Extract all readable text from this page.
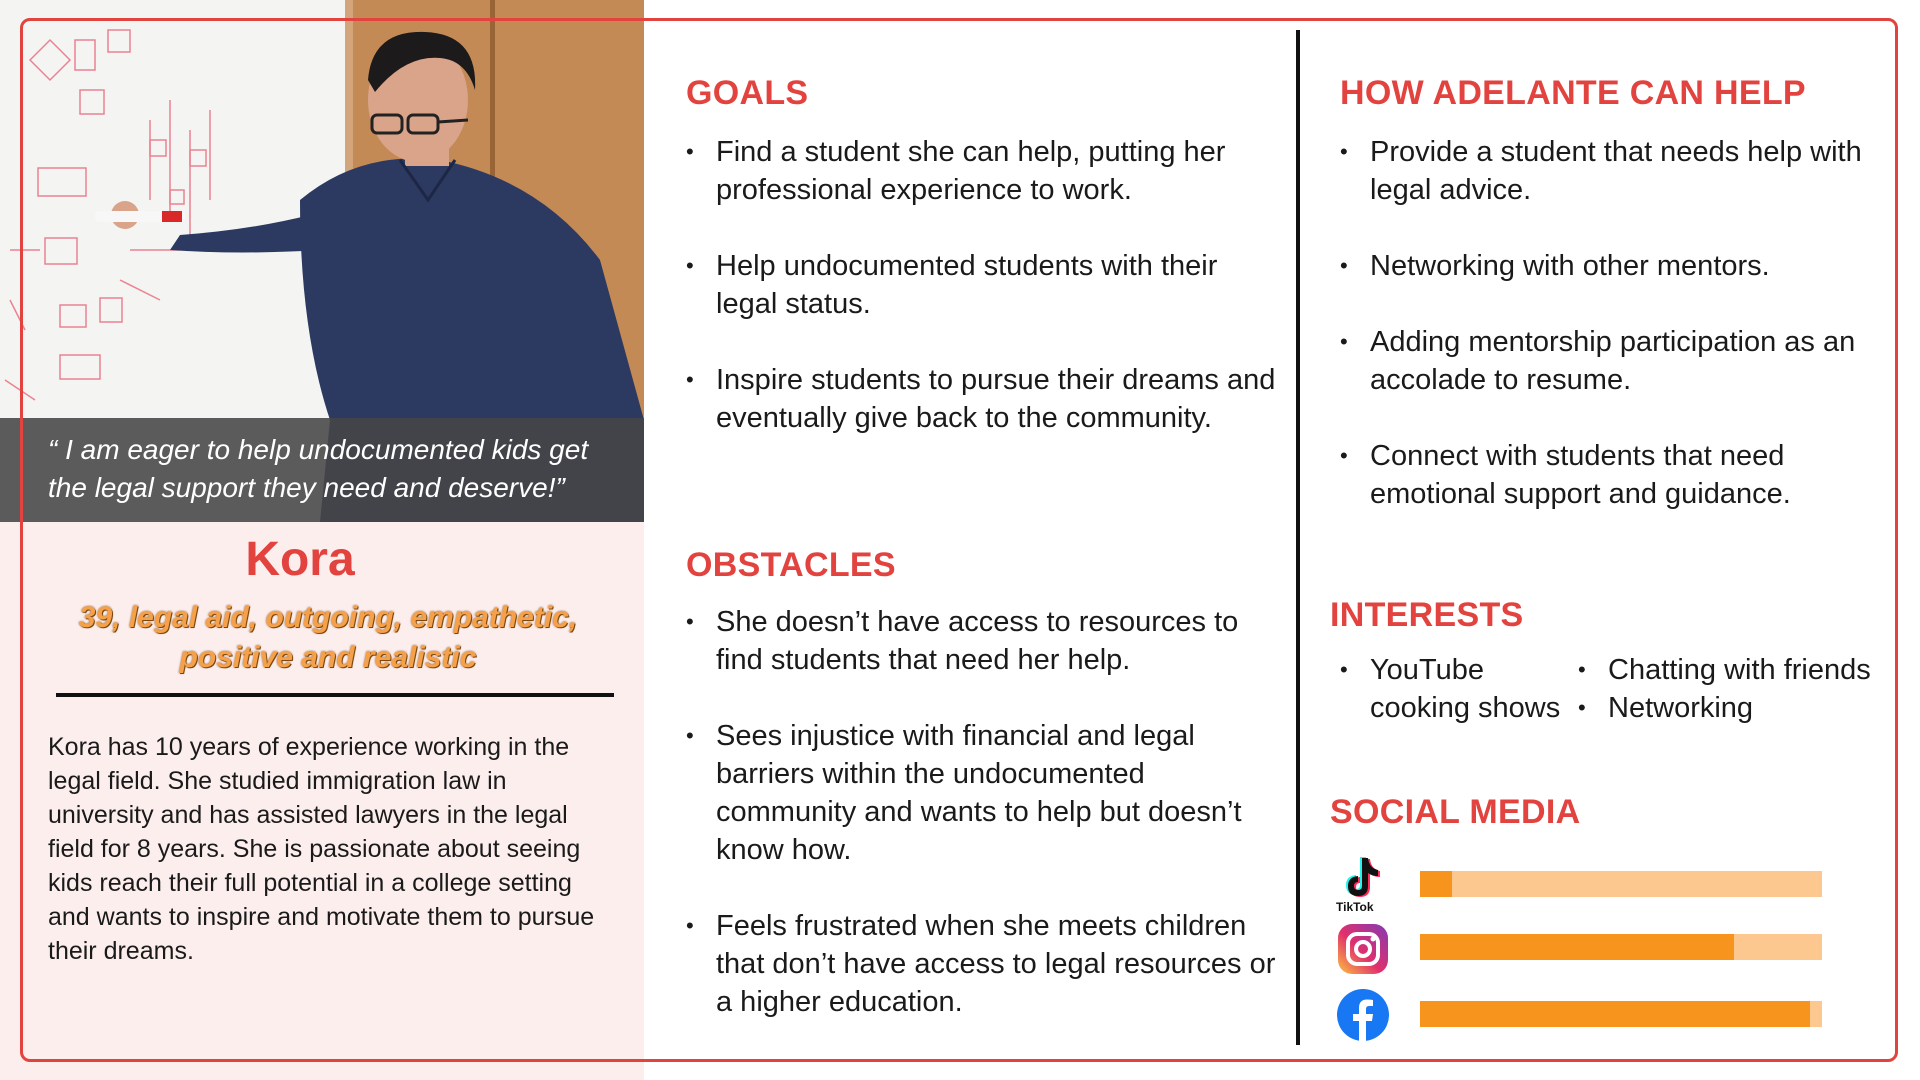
“ I am eager to help undocumented kids get the legal support they need and deserve!”
Kora
39, legal aid, outgoing, empathetic, positive and realistic
Kora has 10 years of experience working in the legal field. She studied immigration law in university and has assisted lawyers in the legal field for 8 years. She is passionate about seeing kids reach their full potential in a college setting and wants to inspire and motivate them to pursue their dreams.
GOALS
• Find a student she can help, putting her professional experience to work.
• Help undocumented students with their legal status.
• Inspire students to pursue their dreams and eventually give back to the community.
OBSTACLES
• She doesn’t have access to resources to find students that need her help.
• Sees injustice with financial and legal barriers within the undocumented community and wants to help but doesn’t know how.
• Feels frustrated when she meets children that don’t have access to legal resources or a higher education.
HOW ADELANTE CAN HELP
• Provide a student that needs help with legal advice.
• Networking with other mentors.
• Adding mentorship participation as an accolade to resume.
• Connect with students that need emotional support and guidance.
INTERESTS
• YouTube cooking shows
• Chatting with friends
• Networking
SOCIAL MEDIA
TikTok
